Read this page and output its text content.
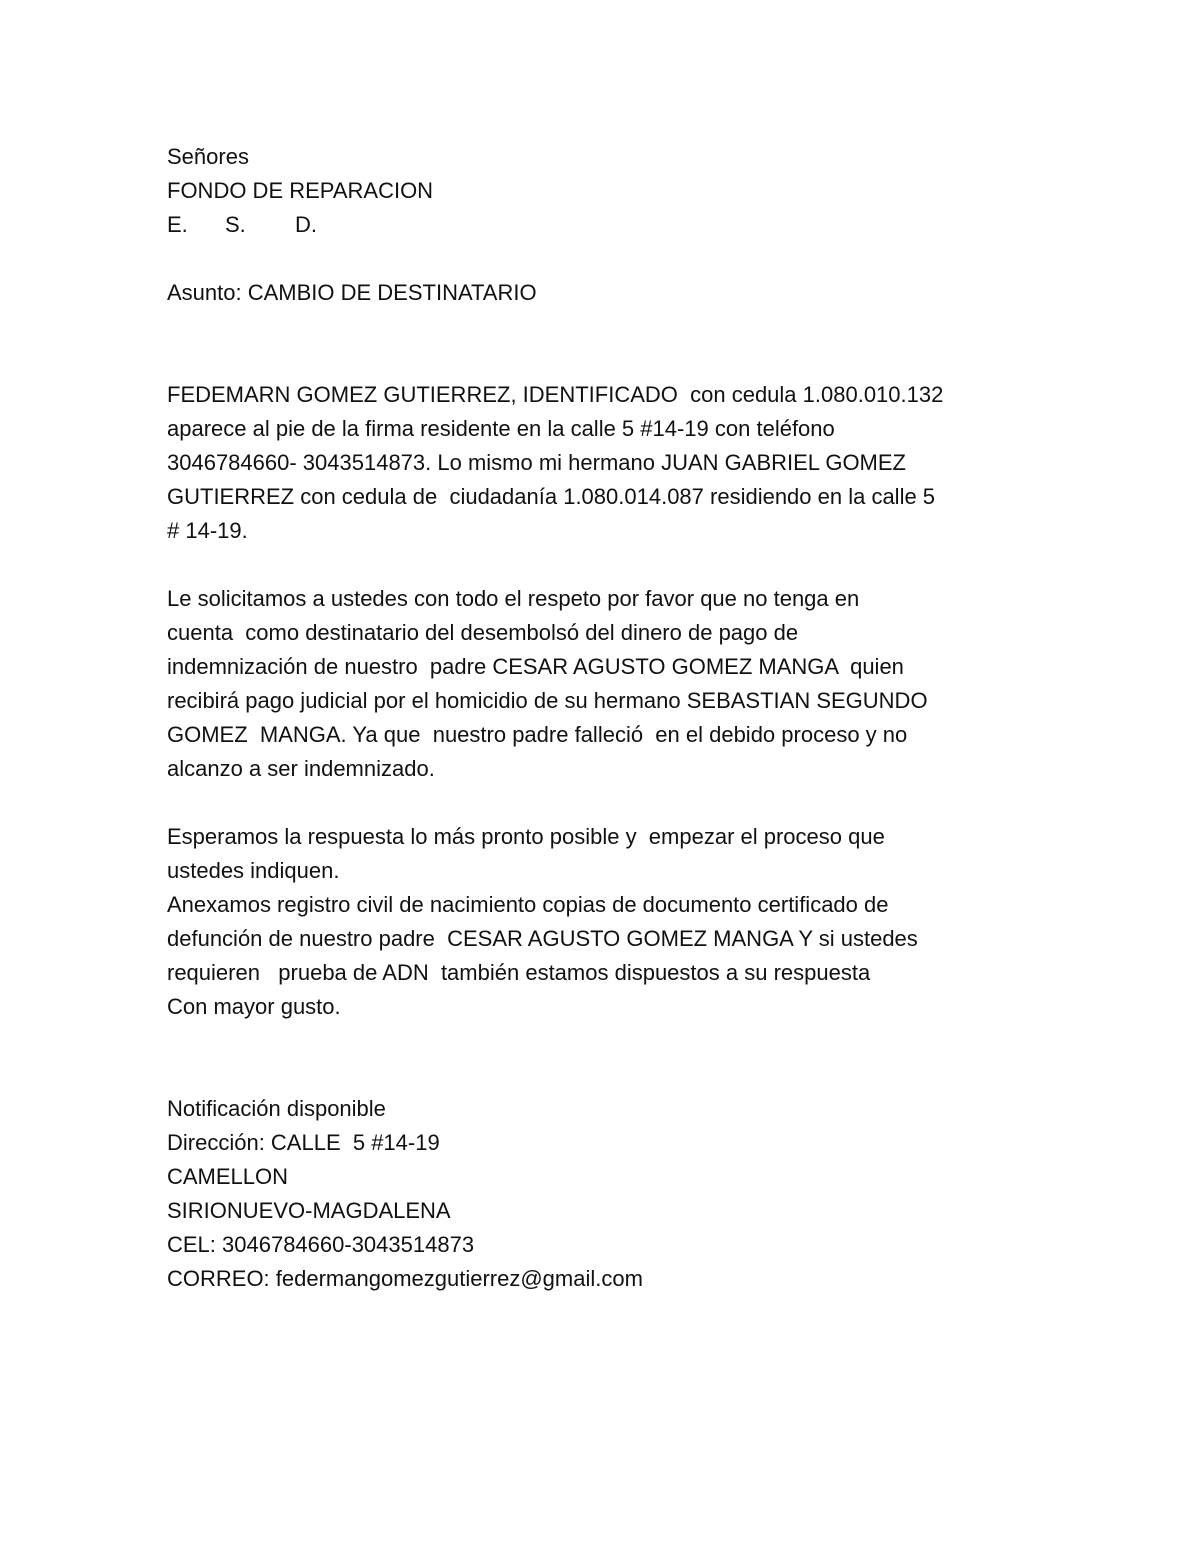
Señores
FONDO DE REPARACION
E. S. D.
Asunto: CAMBIO DE DESTINATARIO
FEDEMARN GOMEZ GUTIERREZ, IDENTIFICADO  con cedula 1.080.010.132
aparece al pie de la firma residente en la calle 5 #14-19 con teléfono
3046784660- 3043514873. Lo mismo mi hermano JUAN GABRIEL GOMEZ
GUTIERREZ con cedula de  ciudadanía 1.080.014.087 residiendo en la calle 5
# 14-19.
Le solicitamos a ustedes con todo el respeto por favor que no tenga en
cuenta  como destinatario del desembolsó del dinero de pago de
indemnización de nuestro  padre CESAR AGUSTO GOMEZ MANGA  quien
recibirá pago judicial por el homicidio de su hermano SEBASTIAN SEGUNDO
GOMEZ  MANGA. Ya que  nuestro padre falleció  en el debido proceso y no
alcanzo a ser indemnizado.
Esperamos la respuesta lo más pronto posible y  empezar el proceso que
ustedes indiquen.
Anexamos registro civil de nacimiento copias de documento certificado de
defunción de nuestro padre  CESAR AGUSTO GOMEZ MANGA Y si ustedes
requieren   prueba de ADN  también estamos dispuestos a su respuesta
Con mayor gusto.
Notificación disponible
Dirección: CALLE  5 #14-19
CAMELLON
SIRIONUEVO-MAGDALENA
CEL: 3046784660-3043514873
CORREO: federmangomezgutierrez@gmail.com
